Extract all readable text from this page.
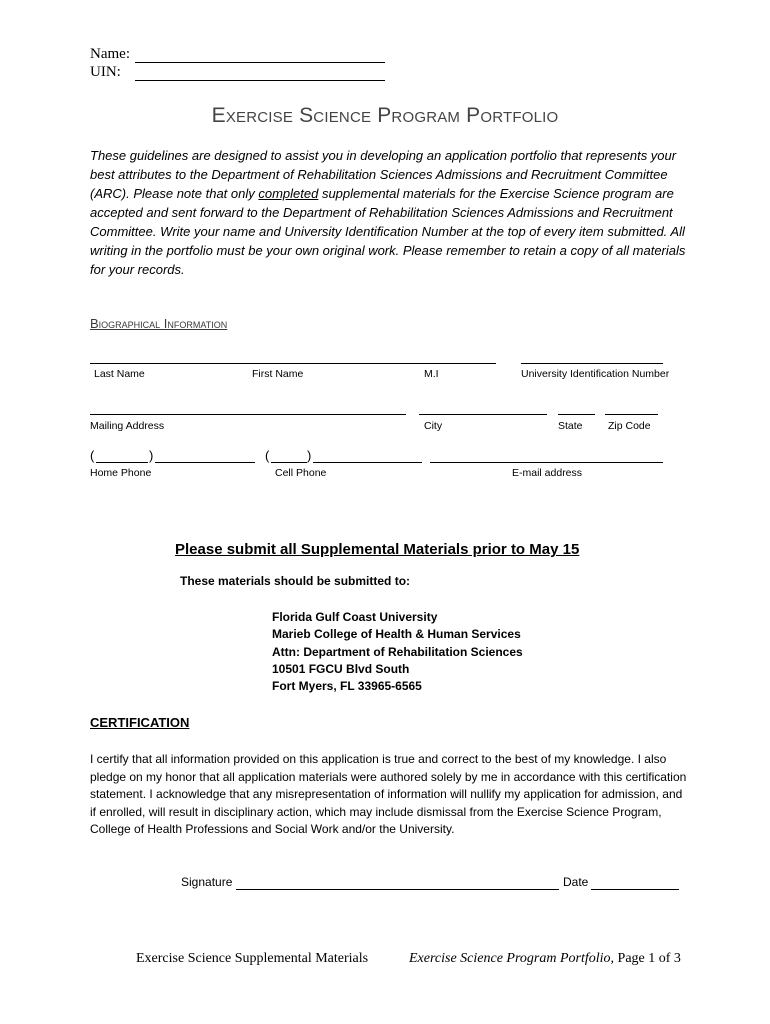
Name:
UIN:
Exercise Science Program Portfolio
These guidelines are designed to assist you in developing an application portfolio that represents your best attributes to the Department of Rehabilitation Sciences Admissions and Recruitment Committee (ARC). Please note that only completed supplemental materials for the Exercise Science program are accepted and sent forward to the Department of Rehabilitation Sciences Admissions and Recruitment Committee. Write your name and University Identification Number at the top of every item submitted. All writing in the portfolio must be your own original work. Please remember to retain a copy of all materials for your records.
Biographical Information
Last Name	First Name	M.I	University Identification Number
Mailing Address	City	State Zip Code
(	)	(	)
Home Phone	Cell Phone	E-mail address
Please submit all Supplemental Materials prior to May 15
These materials should be submitted to:
Florida Gulf Coast University
Marieb College of Health & Human Services
Attn: Department of Rehabilitation Sciences
10501 FGCU Blvd South
Fort Myers, FL 33965-6565
CERTIFICATION
I certify that all information provided on this application is true and correct to the best of my knowledge. I also pledge on my honor that all application materials were authored solely by me in accordance with this certification statement. I acknowledge that any misrepresentation of information will nullify my application for admission, and if enrolled, will result in disciplinary action, which may include dismissal from the Exercise Science Program, College of Health Professions and Social Work and/or the University.
Signature	Date
Exercise Science Supplemental Materials	Exercise Science Program Portfolio, Page 1 of 3
